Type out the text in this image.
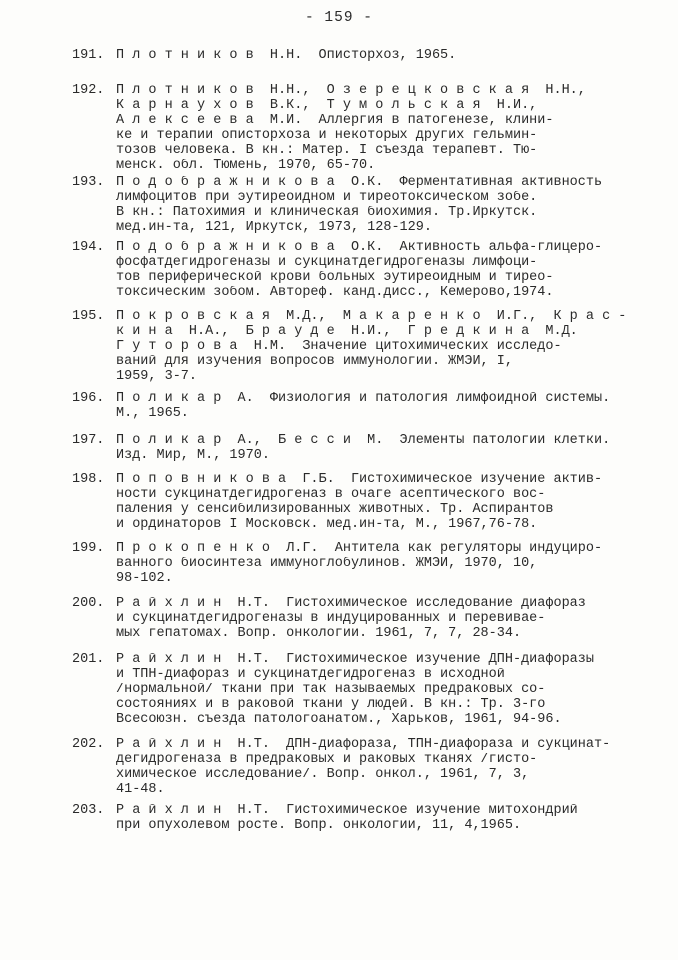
- 159 -
191. П л о т н и к о в  Н.Н.  Описторхоз, 1965.
192. П л о т н и к о в  Н.Н.,  О з е р е ц к о в с к а я  Н.Н.,
К а р н а у х о в  В.К.,  Т у м о л ь с к а я  Н.И.,
А л е к с е е в а  М.И.  Аллергия в патогенезе, клини-
ке и терапии описторхоза и некоторых других гельмин-
тозов человека. В кн.: Матер. I съезда терапевт. Тю-
менск. обл. Тюмень, 1970, 65-70.
193. П о д о б р а ж н и к о в а  О.К.  Ферментативная активность
лимфоцитов при эутиреоидном и тиреотоксическом зобе.
В кн.: Патохимия и клиническая биохимия. Тр.Иркутск.
мед.ин-та, 121, Иркутск, 1973, 128-129.
194. П о д о б р а ж н и к о в а  О.К.  Активность альфа-глицеро-
фосфатдегидрогеназы и сукцинатдегидрогеназы лимфоци-
тов периферической крови больных эутиреоидным и тирео-
токсическим зобом. Автореф. канд.дисс., Кемерово,1974.
195. П о к р о в с к а я  М.Д.,  М а к а р е н к о  И.Г.,  К р а с -
к и н а  Н.А.,  Б р а у д е  Н.И.,  Г р е д к и н а  М.Д.
Г у т о р о в а  Н.М.  Значение цитохимических исследо-
ваний для изучения вопросов иммунологии. ЖМЭИ, I,
1959, 3-7.
196. П о л и к а р  А.  Физиология и патология лимфоидной системы.
М., 1965.
197. П о л и к а р  А.,  Б е с с и  М.  Элементы патологии клетки.
Изд. Мир, М., 1970.
198. П о п о в н и к о в а  Г.Б.  Гистохимическое изучение актив-
ности сукцинатдегидрогеназ в очаге асептического вос-
паления у сенсибилизированных животных. Тр. Аспирантов
и ординаторов I Московск. мед.ин-та, М., 1967,76-78.
199. П р о к о п е н к о  Л.Г.  Антитела как регуляторы индуциро-
ванного биосинтеза иммуноглобулинов. ЖМЭИ, 1970, 10,
98-102.
200. Р а й х л и н  Н.Т.  Гистохимическое исследование диафораз
и сукцинатдегидрогеназы в индуцированных и перевивае-
мых гепатомах. Вопр. онкологии. 1961, 7, 7, 28-34.
201. Р а й х л и н  Н.Т.  Гистохимическое изучение ДПН-диафоразы
и ТПН-диафораз и сукцинатдегидрогеназ в исходной
/нормальной/ ткани при так называемых предраковых со-
состояниях и в раковой ткани у людей. В кн.: Тр. 3-го
Всесоюзн. съезда патологоанатом., Харьков, 1961, 94-96.
202. Р а й х л и н  Н.Т.  ДПН-диафораза, ТПН-диафораза и сукцинат-
дегидрогеназа в предраковых и раковых тканях /гисто-
химическое исследование/. Вопр. онкол., 1961, 7, 3,
41-48.
203. Р а й х л и н  Н.Т.  Гистохимическое изучение митохондрий
при опухолевом росте. Вопр. онкологии, 11, 4,1965.
